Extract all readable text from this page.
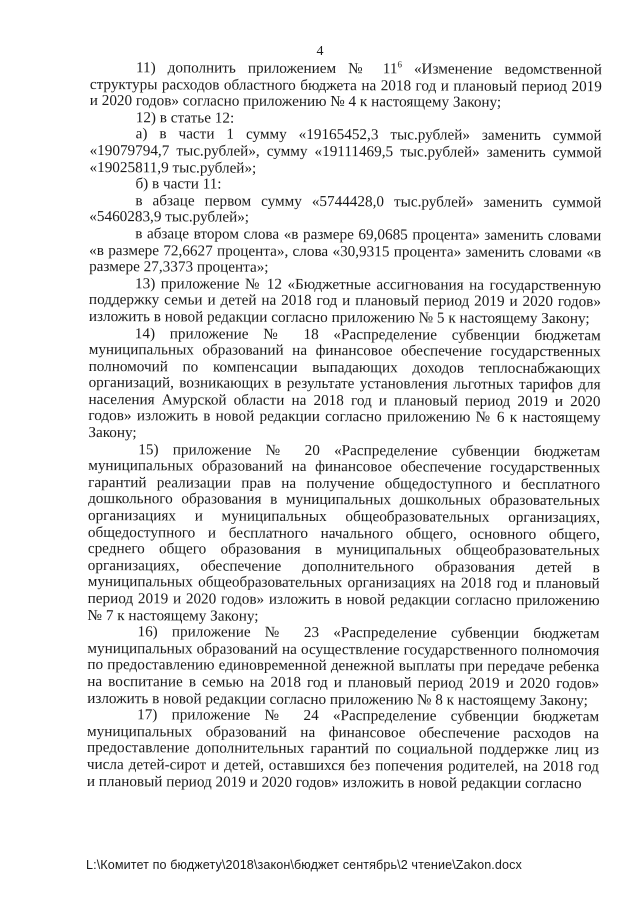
4

11) дополнить приложением № $11^6$ «Изменение ведомственной структуры расходов областного бюджета на 2018 год и плановый период 2019 и 2020 годов» согласно приложению № 4 к настоящему Закону;

12) в статье 12:

а) в части 1 сумму «19165452,3 тыс.рублей» заменить суммой «19079794,7 тыс.рублей», сумму «19111469,5 тыс.рублей» заменить суммой «19025811,9 тыс.рублей»;

б) в части 11:

в абзаце первом сумму «5744428,0 тыс.рублей» заменить суммой «5460283,9 тыс.рублей»;

в абзаце втором слова «в размере 69,0685 процента» заменить словами «в размере 72,6627 процента», слова «30,9315 процента» заменить словами «в размере 27,3373 процента»;

13) приложение № 12 «Бюджетные ассигнования на государственную поддержку семьи и детей на 2018 год и плановый период 2019 и 2020 годов» изложить в новой редакции согласно приложению № 5 к настоящему Закону;

14) приложение № 18 «Распределение субвенции бюджетам муниципальных образований на финансовое обеспечение государственных полномочий по компенсации выпадающих доходов теплоснабжающих организаций, возникающих в результате установления льготных тарифов для населения Амурской области на 2018 год и плановый период 2019 и 2020 годов» изложить в новой редакции согласно приложению № 6 к настоящему Закону;

15) приложение № 20 «Распределение субвенции бюджетам муниципальных образований на финансовое обеспечение государственных гарантий реализации прав на получение общедоступного и бесплатного дошкольного образования в муниципальных дошкольных образовательных организациях и муниципальных общеобразовательных организациях, общедоступного и бесплатного начального общего, основного общего, среднего общего образования в муниципальных общеобразовательных организациях, обеспечение дополнительного образования детей в муниципальных общеобразовательных организациях на 2018 год и плановый период 2019 и 2020 годов» изложить в новой редакции согласно приложению № 7 к настоящему Закону;

16) приложение № 23 «Распределение субвенции бюджетам муниципальных образований на осуществление государственного полномочия по предоставлению единовременной денежной выплаты при передаче ребенка на воспитание в семью на 2018 год и плановый период 2019 и 2020 годов» изложить в новой редакции согласно приложению № 8 к настоящему Закону;

17) приложение № 24 «Распределение субвенции бюджетам муниципальных образований на финансовое обеспечение расходов на предоставление дополнительных гарантий по социальной поддержке лиц из числа детей-сирот и детей, оставшихся без попечения родителей, на 2018 год и плановый период 2019 и 2020 годов» изложить в новой редакции согласно

L:\Комитет по бюджету\2018\закон\бюджет сентябрь\2 чтение\Zakon.docx
